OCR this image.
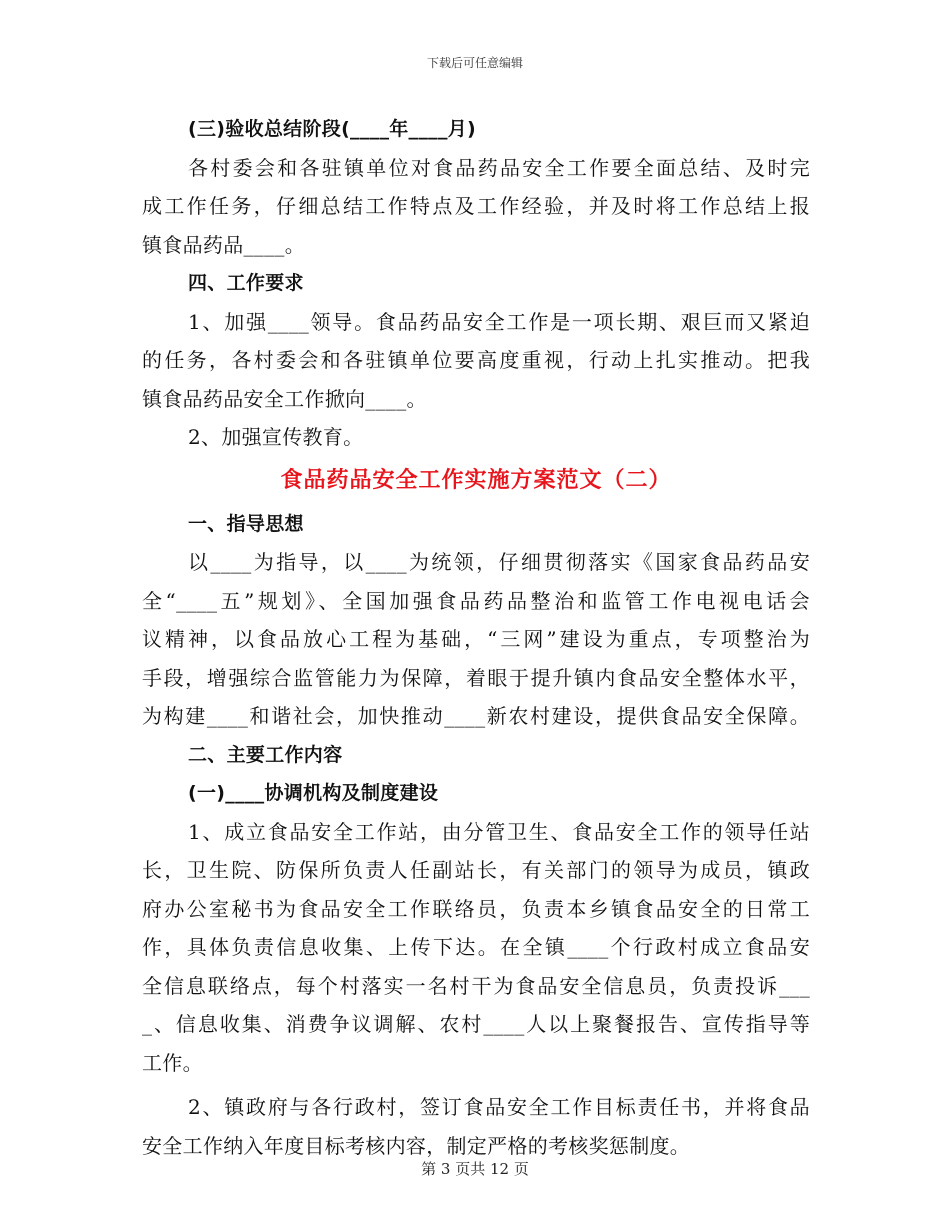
下载后可任意编辑
(三)验收总结阶段(____年____月)
各村委会和各驻镇单位对食品药品安全工作要全面总结、及时完
成工作任务，仔细总结工作特点及工作经验，并及时将工作总结上报
镇食品药品____。
四、工作要求
1、加强____领导。食品药品安全工作是一项长期、艰巨而又紧迫
的任务，各村委会和各驻镇单位要高度重视，行动上扎实推动。把我
镇食品药品安全工作掀向____。
2、加强宣传教育。
食品药品安全工作实施方案范文（二）
一、指导思想
以____为指导，以____为统领，仔细贯彻落实《国家食品药品安
全“____五”规划》、全国加强食品药品整治和监管工作电视电话会
议精神，以食品放心工程为基础，“三网”建设为重点，专项整治为
手段，增强综合监管能力为保障，着眼于提升镇内食品安全整体水平，
为构建____和谐社会，加快推动____新农村建设，提供食品安全保障。
二、主要工作内容
(一)____协调机构及制度建设
1、成立食品安全工作站，由分管卫生、食品安全工作的领导任站
长，卫生院、防保所负责人任副站长，有关部门的领导为成员，镇政
府办公室秘书为食品安全工作联络员，负责本乡镇食品安全的日常工
作，具体负责信息收集、上传下达。在全镇____个行政村成立食品安
全信息联络点，每个村落实一名村干为食品安全信息员，负责投诉___
_、信息收集、消费争议调解、农村____人以上聚餐报告、宣传指导等
工作。
2、镇政府与各行政村，签订食品安全工作目标责任书，并将食品
安全工作纳入年度目标考核内容，制定严格的考核奖惩制度。
第 3 页共 12 页
